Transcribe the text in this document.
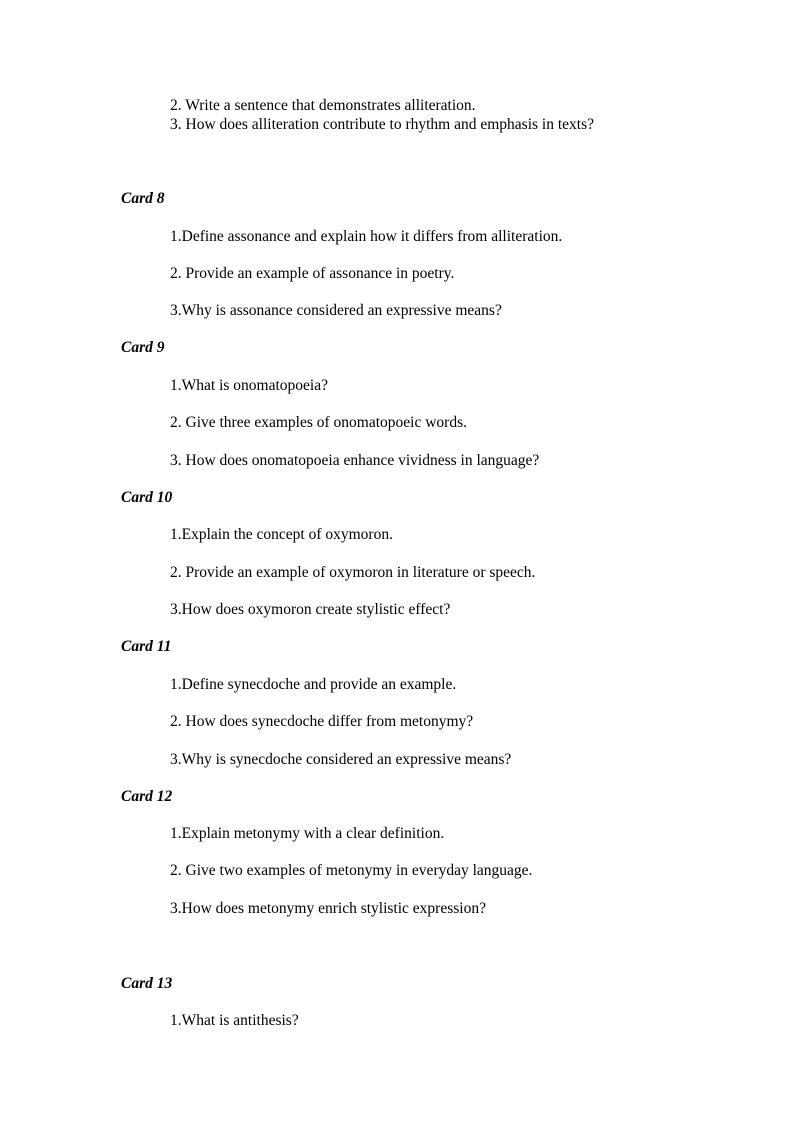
2. Write a sentence that demonstrates alliteration.
3. How does alliteration contribute to rhythm and emphasis in texts?
Card 8
1.Define assonance and explain how it differs from alliteration.
2. Provide an example of assonance in poetry.
3.Why is assonance considered an expressive means?
Card 9
1.What is onomatopoeia?
2. Give three examples of onomatopoeic words.
3. How does onomatopoeia enhance vividness in language?
Card 10
1.Explain the concept of oxymoron.
2. Provide an example of oxymoron in literature or speech.
3.How does oxymoron create stylistic effect?
Card 11
1.Define synecdoche and provide an example.
2. How does synecdoche differ from metonymy?
3.Why is synecdoche considered an expressive means?
Card 12
1.Explain metonymy with a clear definition.
2. Give two examples of metonymy in everyday language.
3.How does metonymy enrich stylistic expression?
Card 13
1.What is antithesis?
